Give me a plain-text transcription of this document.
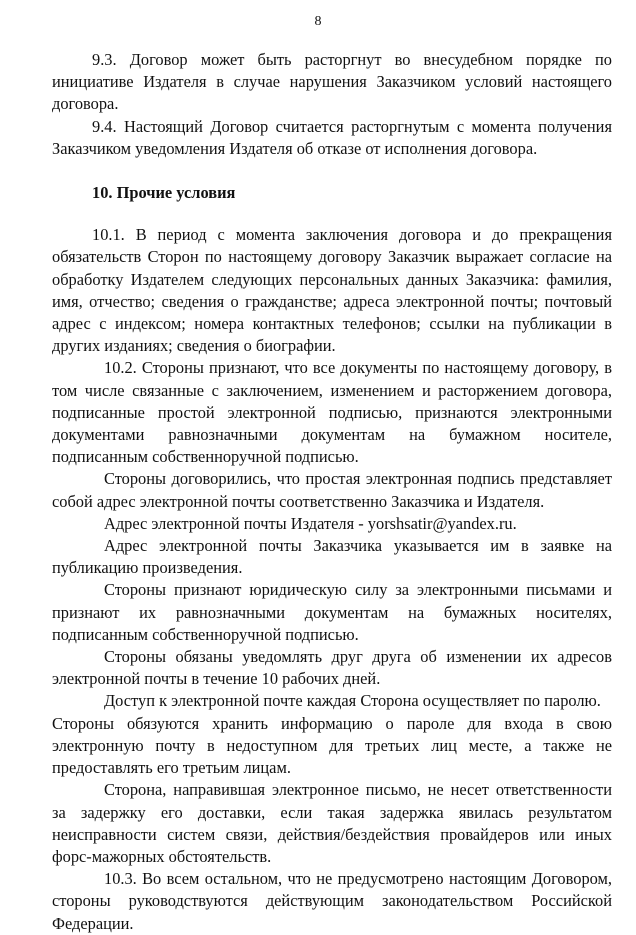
8

9.3. Договор может быть расторгнут во внесудебном порядке по инициативе Издателя в случае нарушения Заказчиком условий настоящего договора.

9.4. Настоящий Договор считается расторгнутым с момента получения Заказчиком уведомления Издателя об отказе от исполнения договора.

10. Прочие условия

10.1. В период с момента заключения договора и до прекращения обязательств Сторон по настоящему договору Заказчик выражает согласие на обработку Издателем следующих персональных данных Заказчика: фамилия, имя, отчество; сведения о гражданстве; адреса электронной почты; почтовый адрес с индексом; номера контактных телефонов; ссылки на публикации в других изданиях; сведения о биографии.

10.2. Стороны признают, что все документы по настоящему договору, в том числе связанные с заключением, изменением и расторжением договора, подписанные простой электронной подписью, признаются электронными документами равнозначными документам на бумажном носителе, подписанным собственноручной подписью.

Стороны договорились, что простая электронная подпись представляет собой адрес электронной почты соответственно Заказчика и Издателя.

Адрес электронной почты Издателя - yorshsatir@yandex.ru.

Адрес электронной почты Заказчика указывается им в заявке на публикацию произведения.

Стороны признают юридическую силу за электронными письмами и признают их равнозначными документам на бумажных носителях, подписанным собственноручной подписью.

Стороны обязаны уведомлять друг друга об изменении их адресов электронной почты в течение 10 рабочих дней.

Доступ к электронной почте каждая Сторона осуществляет по паролю.

Стороны обязуются хранить информацию о пароле для входа в свою электронную почту в недоступном для третьих лиц месте, а также не предоставлять его третьим лицам.

Сторона, направившая электронное письмо, не несет ответственности за задержку его доставки, если такая задержка явилась результатом неисправности систем связи, действия/бездействия провайдеров или иных форс-мажорных обстоятельств.

10.3. Во всем остальном, что не предусмотрено настоящим Договором, стороны руководствуются действующим законодательством Российской Федерации.
